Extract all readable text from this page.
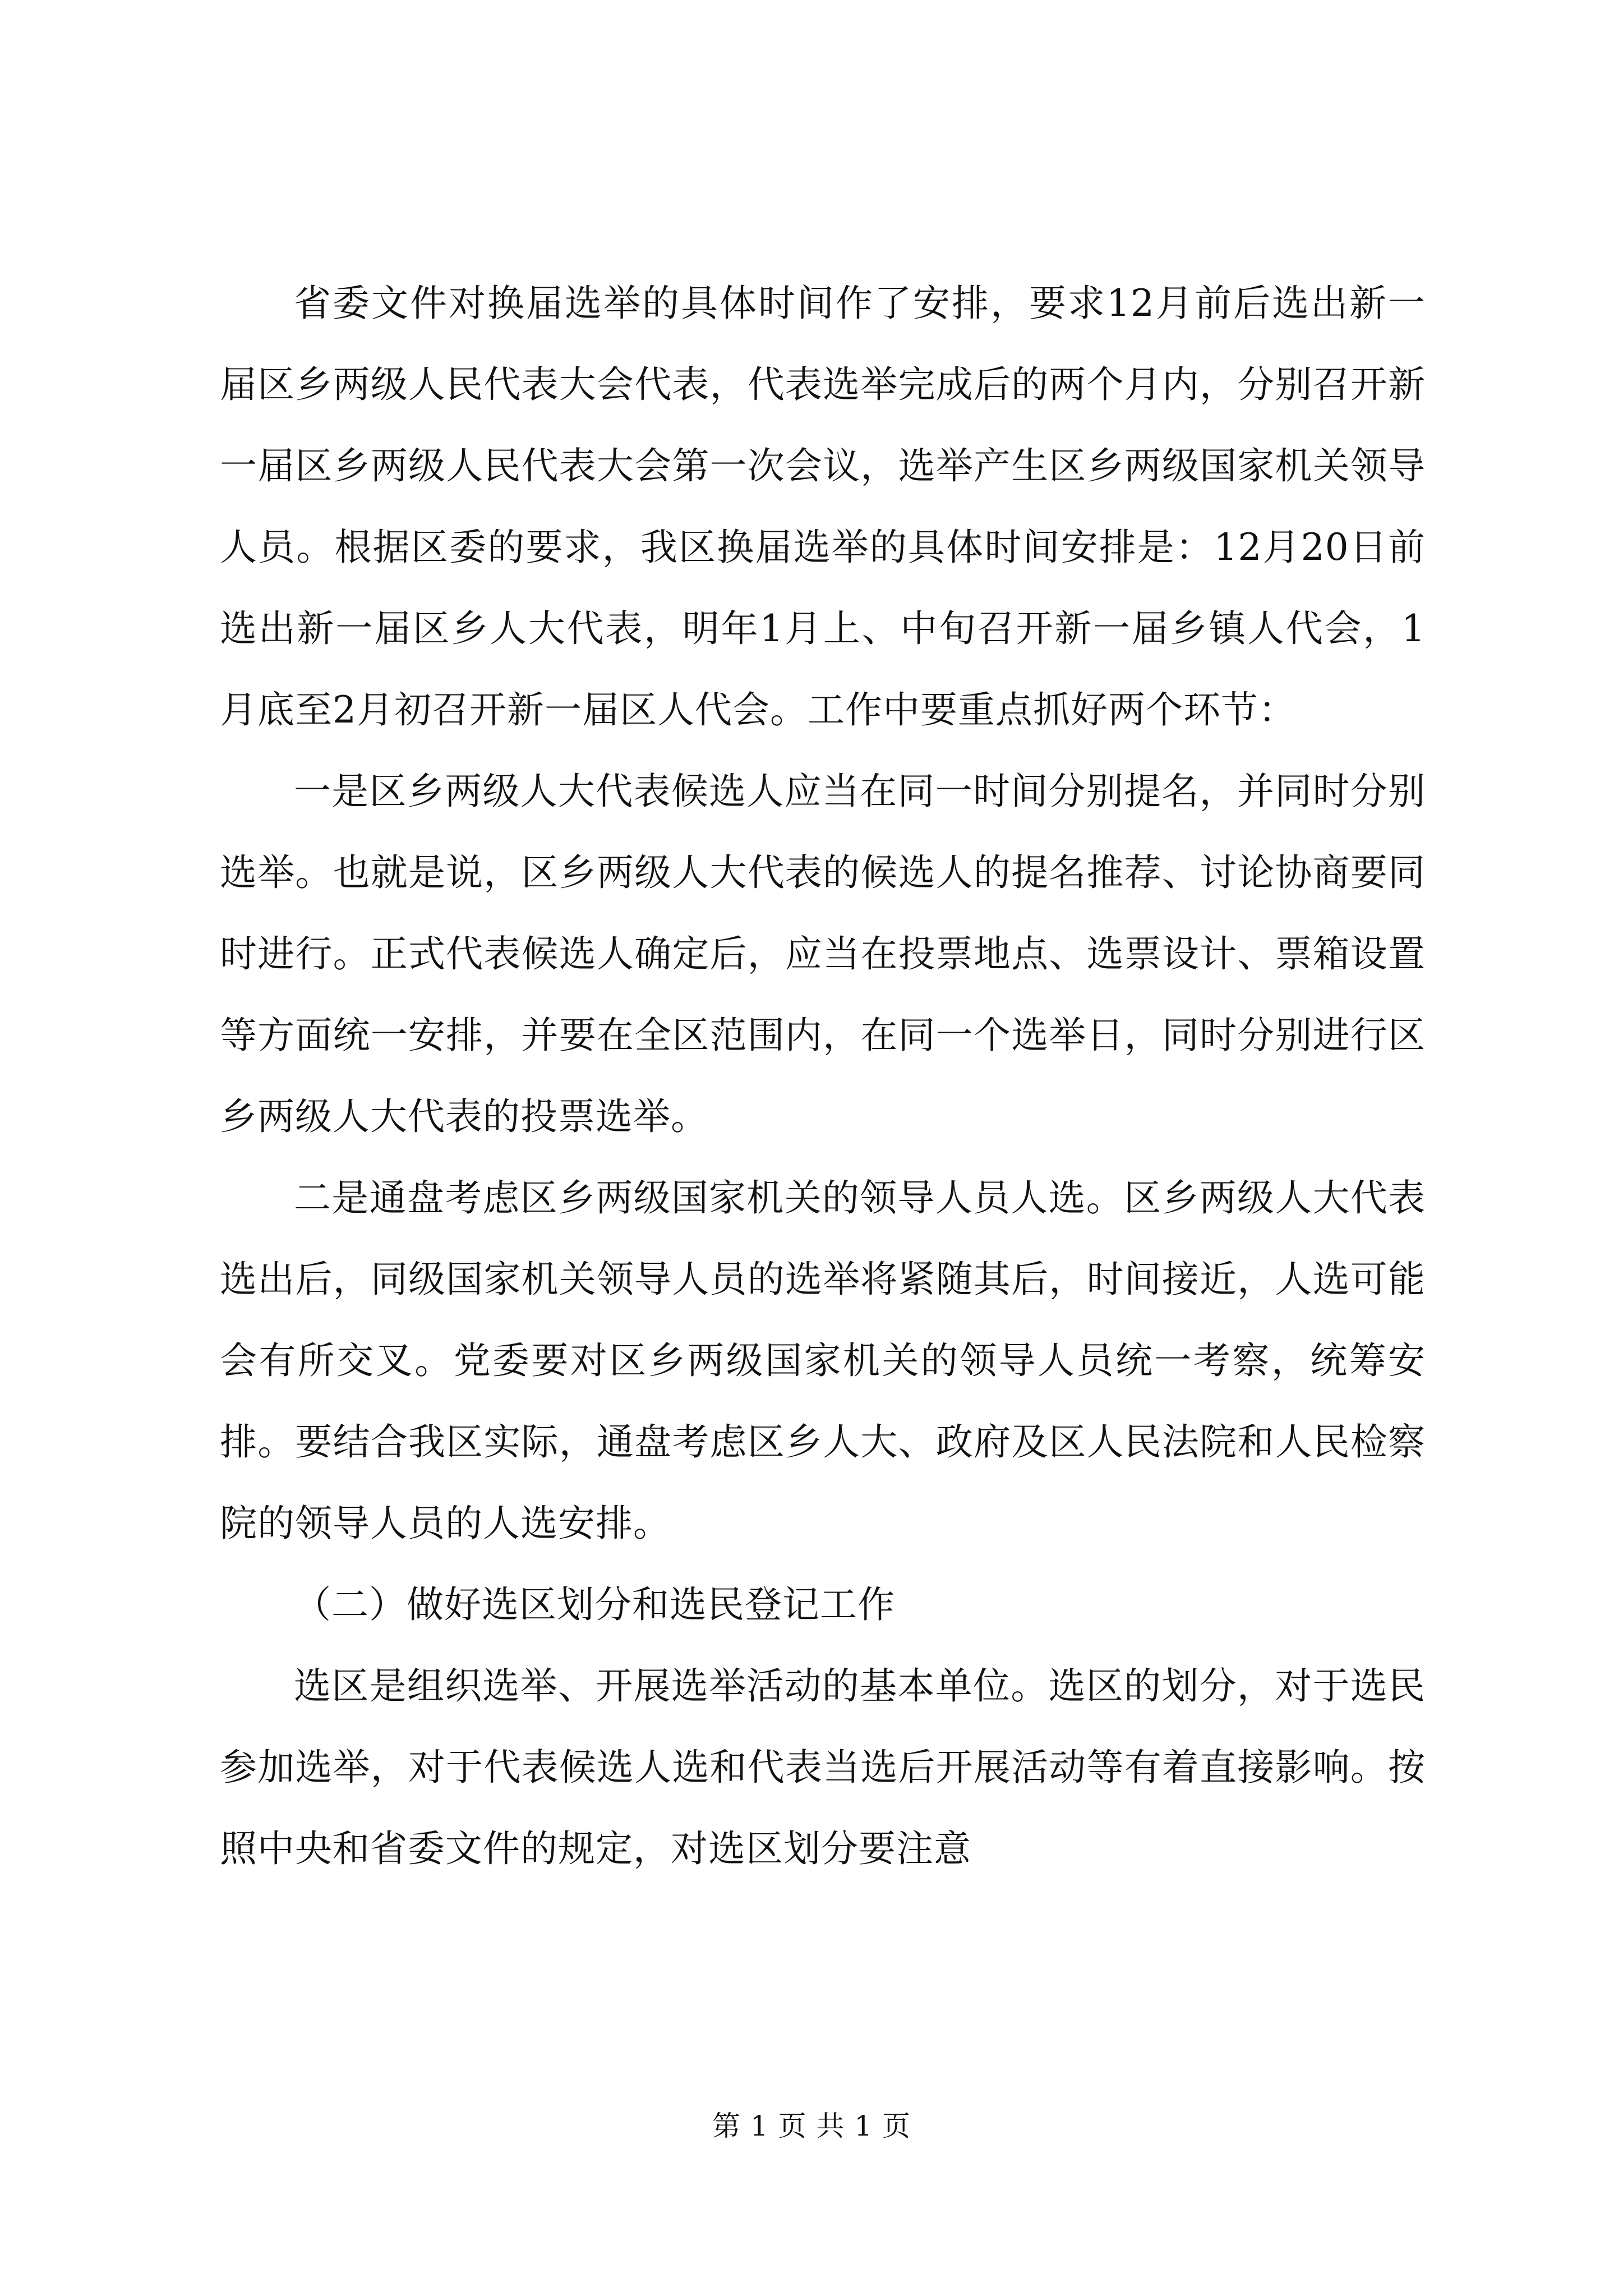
省委文件对换届选举的具体时间作了安排，要求12月前后选出新一届区乡两级人民代表大会代表，代表选举完成后的两个月内，分别召开新一届区乡两级人民代表大会第一次会议，选举产生区乡两级国家机关领导人员。根据区委的要求，我区换届选举的具体时间安排是：12月20日前选出新一届区乡人大代表，明年1月上、中旬召开新一届乡镇人代会，1月底至2月初召开新一届区人代会。工作中要重点抓好两个环节：

一是区乡两级人大代表候选人应当在同一时间分别提名，并同时分别选举。也就是说，区乡两级人大代表的候选人的提名推荐、讨论协商要同时进行。正式代表候选人确定后，应当在投票地点、选票设计、票箱设置等方面统一安排，并要在全区范围内，在同一个选举日，同时分别进行区乡两级人大代表的投票选举。

二是通盘考虑区乡两级国家机关的领导人员人选。区乡两级人大代表选出后，同级国家机关领导人员的选举将紧随其后，时间接近，人选可能会有所交叉。党委要对区乡两级国家机关的领导人员统一考察，统筹安排。要结合我区实际，通盘考虑区乡人大、政府及区人民法院和人民检察院的领导人员的人选安排。

（二）做好选区划分和选民登记工作

选区是组织选举、开展选举活动的基本单位。选区的划分，对于选民参加选举，对于代表候选人选和代表当选后开展活动等有着直接影响。按照中央和省委文件的规定，对选区划分要注意

第 1 页 共 1 页
